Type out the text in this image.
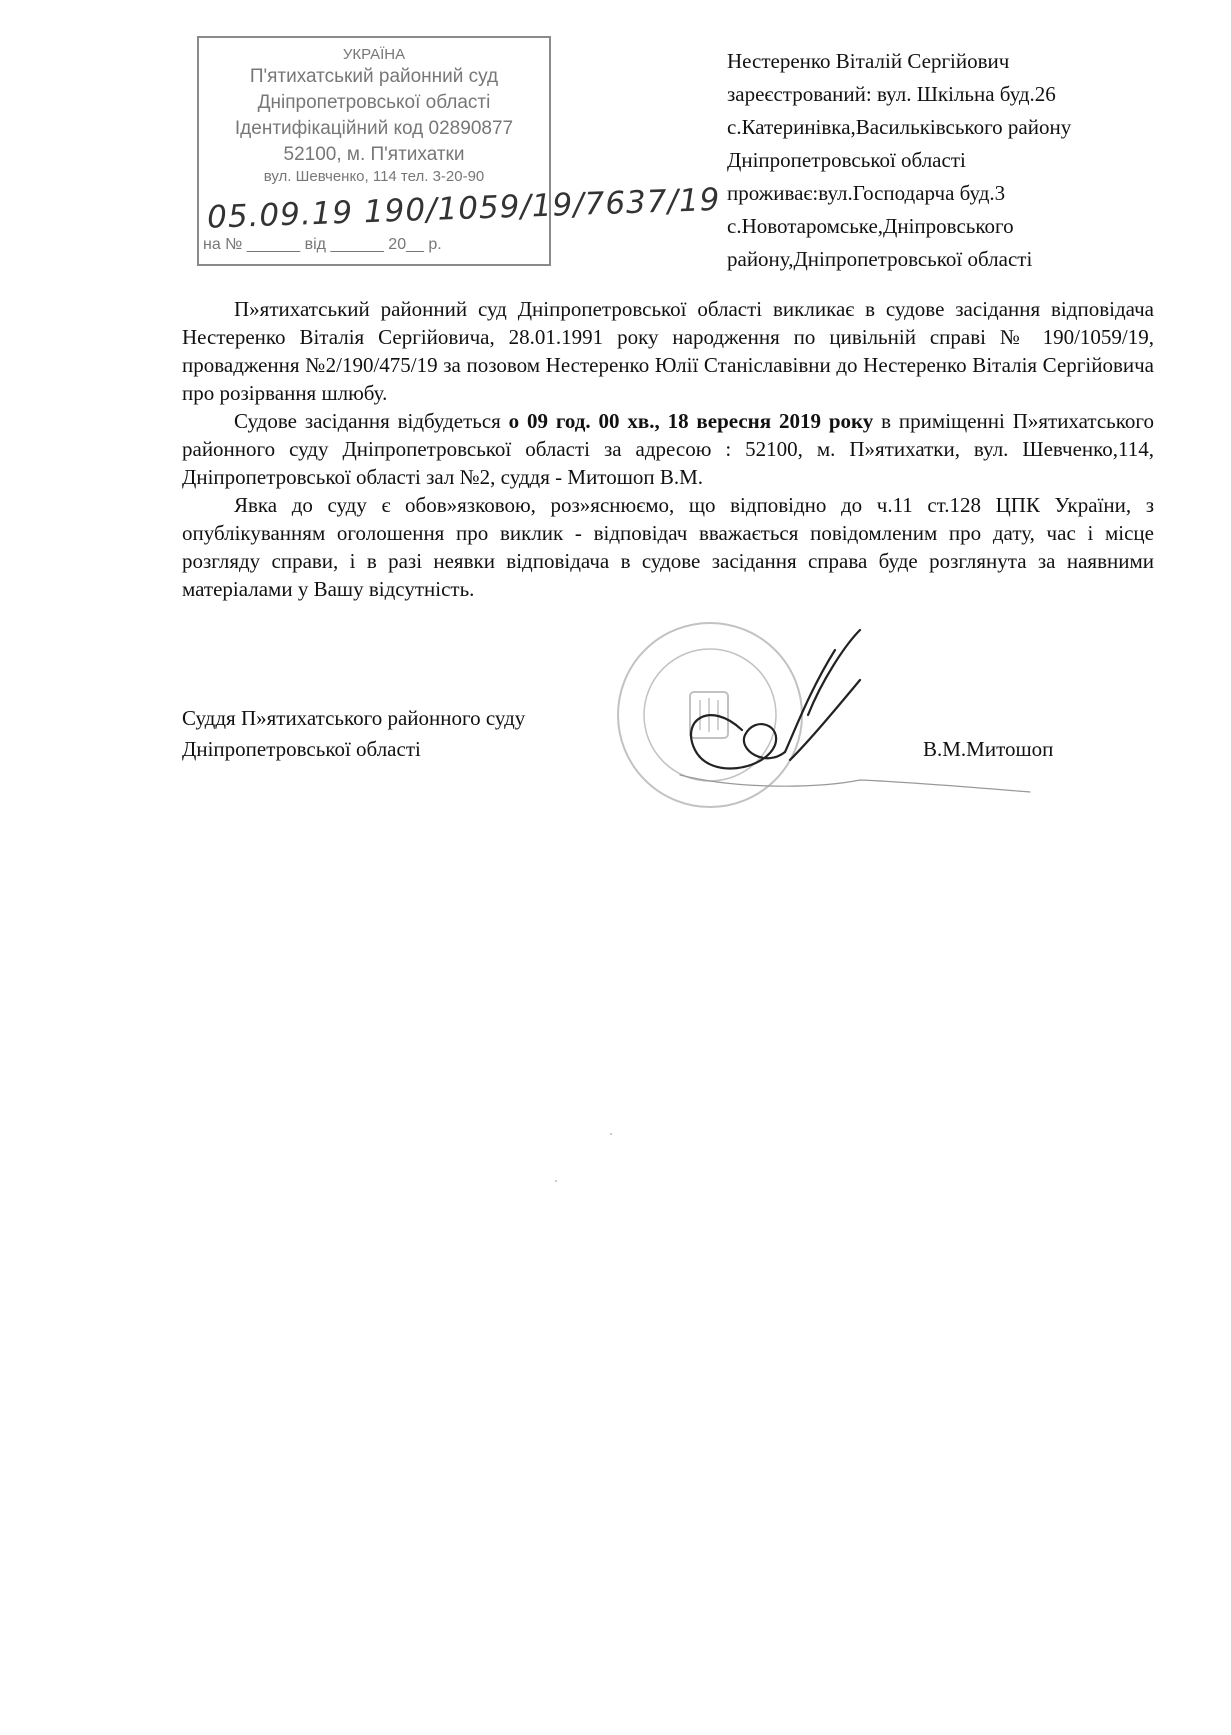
УКРАЇНА
П'ятихатський районний суд
Дніпропетровської області
Ідентифікаційний код 02890877
52100, м. П'ятихатки
вул. Шевченко, 114 тел. 3-20-90
05.09.19 190/1059/19/7637/19
на № ______ від ______ 20__ р.
Нестеренко Віталій Сергійович
зареєстрований: вул. Шкільна буд.26
с.Катеринівка,Васильківського району
Дніпропетровської області
проживає:вул.Господарча буд.3
с.Новотаромське,Дніпровського
району,Дніпропетровської області

П»ятихатський районний суд Дніпропетровської області викликає в судове засідання відповідача Нестеренко Віталія Сергійовича, 28.01.1991 року народження по цивільній справі № 190/1059/19, провадження №2/190/475/19 за позовом Нестеренко Юлії Станіславівни до Нестеренко Віталія Сергійовича про розірвання шлюбу.

Судове засідання відбудеться о 09 год. 00 хв., 18 вересня 2019 року в приміщенні П»ятихатського районного суду Дніпропетровської області за адресою : 52100, м. П»ятихатки, вул. Шевченко,114, Дніпропетровської області зал №2, суддя - Митошоп В.М.

Явка до суду є обов»язковою, роз»яснюємо, що відповідно до ч.11 ст.128 ЦПК України, з опублікуванням оголошення про виклик - відповідач вважається повідомленим про дату, час і місце розгляду справи, і в разі неявки відповідача в судове засідання справа буде розглянута за наявними матеріалами у Вашу відсутність.

Суддя П»ятихатського районного суду
Дніпропетровської області	В.М.Митошоп
